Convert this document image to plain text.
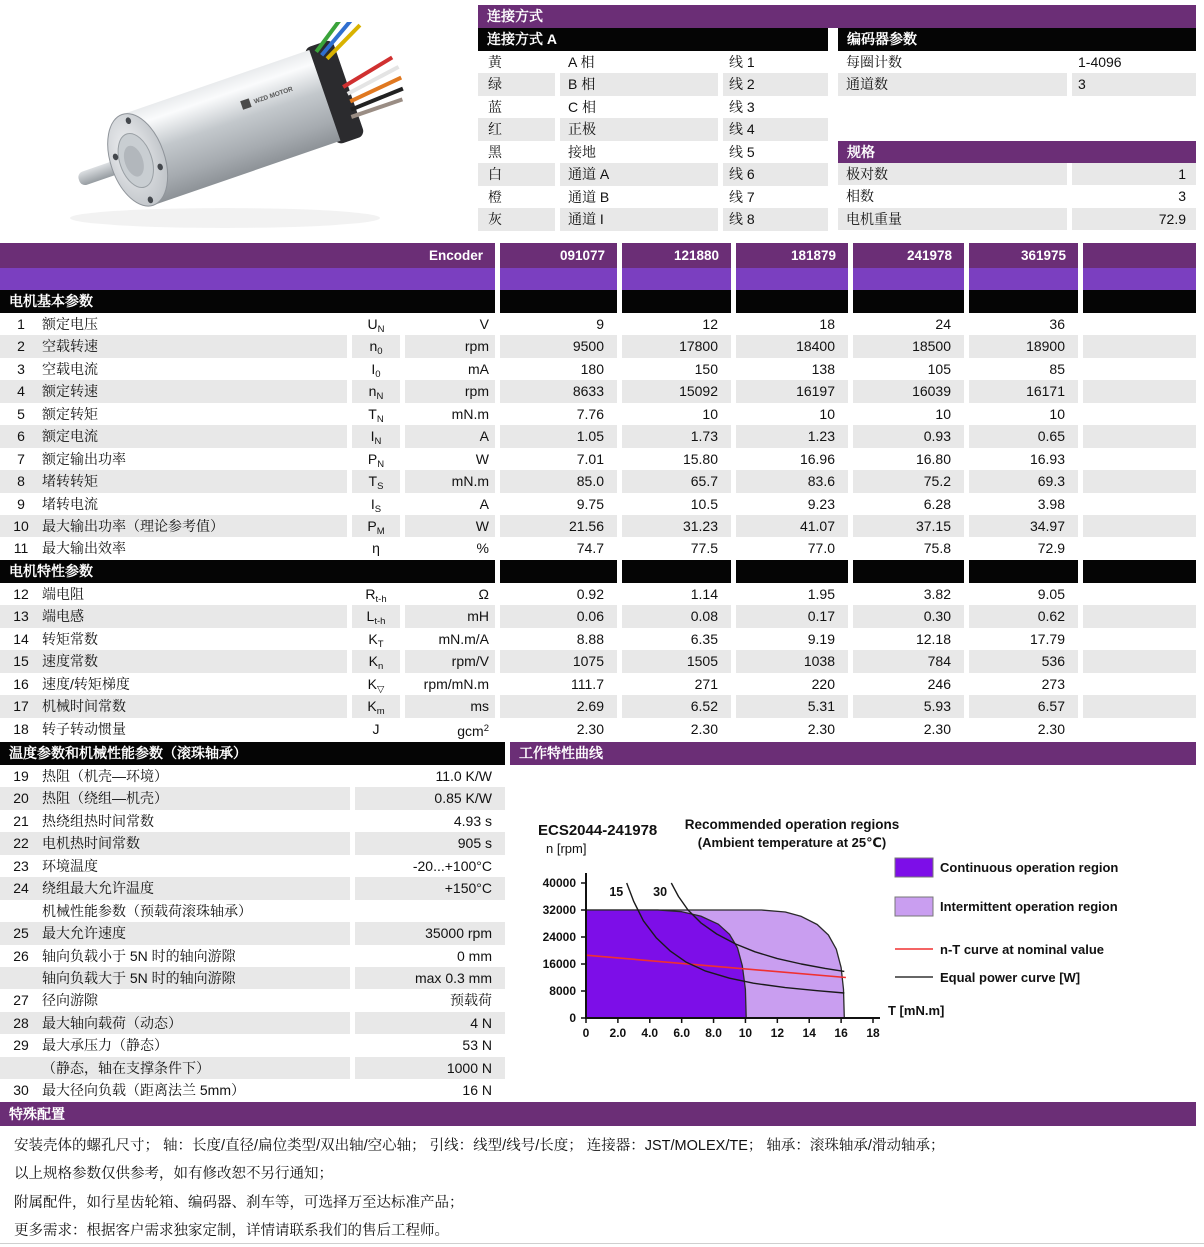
WZD MOTOR
连接方式
连接方式 A
黄	A 相	线 1
绿	B 相	线 2
蓝	C 相	线 3
红	正极	线 4
黑	接地	线 5
白	通道 A	线 6
橙	通道 B	线 7
灰	通道 I	线 8
编码器参数
每圈计数	1-4096
通道数	3
规格
极对数	1
相数	3
电机重量	72.9
Encoder	091077	121880	181879	241978	361975
电机基本参数
1 额定电压	$U_N$	V	9	12	18	24	36
2 空载转速	$n_0$	rpm	9500	17800	18400	18500	18900
3 空载电流	$I_0$	mA	180	150	138	105	85
4 额定转速	$n_N$	rpm	8633	15092	16197	16039	16171
5 额定转矩	$T_N$	mN.m	7.76	10	10	10	10
6 额定电流	$I_N$	A	1.05	1.73	1.23	0.93	0.65
7 额定输出功率	$P_N$	W	7.01	15.80	16.96	16.80	16.93
8 堵转转矩	$T_S$	mN.m	85.0	65.7	83.6	75.2	69.3
9 堵转电流	$I_S$	A	9.75	10.5	9.23	6.28	3.98
10 最大输出功率（理论参考值）	$P_M$	W	21.56	31.23	41.07	37.15	34.97
11 最大输出效率	η	%	74.7	77.5	77.0	75.8	72.9
电机特性参数
12 端电阻	$R_{t-h}$	Ω	0.92	1.14	1.95	3.82	9.05
13 端电感	$L_{t-h}$	mH	0.06	0.08	0.17	0.30	0.62
14 转矩常数	$K_T$	mN.m/A	8.88	6.35	9.19	12.18	17.79
15 速度常数	$K_n$	rpm/V	1075	1505	1038	784	536
16 速度/转矩梯度	$K_▽$	rpm/mN.m	111.7	271	220	246	273
17 机械时间常数	$K_m$	ms	2.69	6.52	5.31	5.93	6.57
18 转子转动惯量	J	gcm$^2$	2.30	2.30	2.30	2.30	2.30
温度参数和机械性能参数（滚珠轴承）
19 热阻（机壳—环境）	11.0 K/W
20 热阻（绕组—机壳）	0.85 K/W
21 热绕组热时间常数	4.93 s
22 电机热时间常数	905 s
23 环境温度	-20...+100°C
24 绕组最大允许温度	+150°C
机械性能参数（预载荷滚珠轴承）
25 最大允许速度	35000 rpm
26 轴向负载小于 5N 时的轴向游隙	0 mm
轴向负载大于 5N 时的轴向游隙	max 0.3 mm
27 径向游隙	预载荷
28 最大轴向载荷（动态）	4 N
29 最大承压力（静态）	53 N
（静态，轴在支撑条件下）	1000 N
30 最大径向负载（距离法兰 5mm）	16 N
工作特性曲线
ECS2044-241978
n [rpm]
Recommended operation regions
(Ambient temperature at 25℃)
15 30
0
8000
16000
24000
32000
40000
0 2.0 4.0 6.0 8.0 10 12 14 16 18
T [mN.m]
Continuous operation region
Intermittent operation region
n-T curve at nominal value
Equal power curve [W]
特殊配置
安装壳体的螺孔尺寸； 轴：长度/直径/扁位类型/双出轴/空心轴； 引线：线型/线号/长度； 连接器：JST/MOLEX/TE； 轴承：滚珠轴承/滑动轴承；
以上规格参数仅供参考，如有修改恕不另行通知；
附属配件，如行星齿轮箱、编码器、刹车等，可选择万至达标准产品；
更多需求：根据客户需求独家定制，详情请联系我们的售后工程师。
